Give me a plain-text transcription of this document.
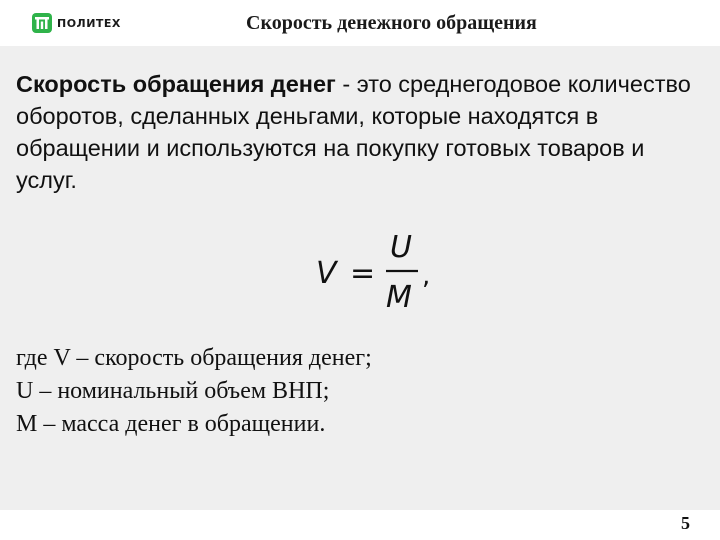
ПОЛИТЕХ	Скорость денежного обращения
Скорость обращения денег - это среднегодовое количество оборотов, сделанных деньгами, которые находятся в обращении и используются на покупку готовых товаров и услуг.
V =
U
M
,
где V – скорость обращения денег;
U – номинальный объем ВНП;
М – масса денег в обращении.
5
